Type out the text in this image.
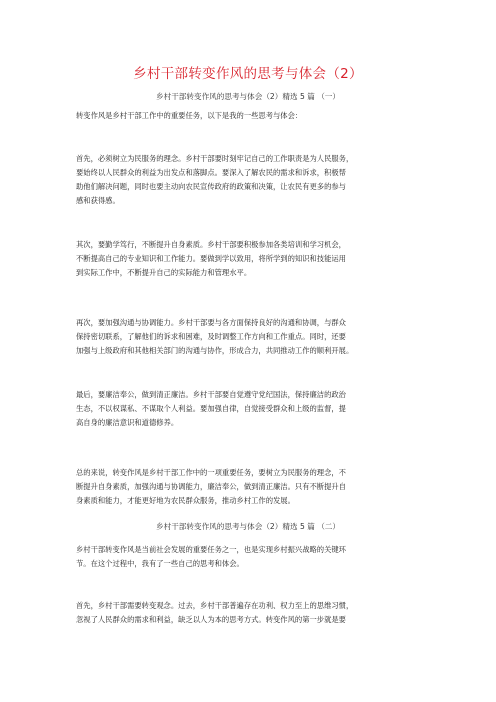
乡村干部转变作风的思考与体会（2）
乡村干部转变作风的思考与体会（2）精选 5 篇 （一）
转变作风是乡村干部工作中的重要任务，以下是我的一些思考与体会：
首先，必须树立为民服务的理念。乡村干部要时刻牢记自己的工作职责是为人民服务，
要始终以人民群众的利益为出发点和落脚点。要深入了解农民的需求和诉求，积极帮
助他们解决问题，同时也要主动向农民宣传政府的政策和决策，让农民有更多的参与
感和获得感。
其次，要勤学笃行，不断提升自身素质。乡村干部要积极参加各类培训和学习机会，
不断提高自己的专业知识和工作能力。要做到学以致用，将所学到的知识和技能运用
到实际工作中，不断提升自己的实际能力和管理水平。
再次，要加强沟通与协调能力。乡村干部要与各方面保持良好的沟通和协调，与群众
保持密切联系，了解他们的诉求和困难，及时调整工作方向和工作重点。同时，还要
加强与上级政府和其他相关部门的沟通与协作，形成合力，共同推动工作的顺利开展。
最后，要廉洁奉公，做到清正廉洁。乡村干部要自觉遵守党纪国法，保持廉洁的政治
生态，不以权谋私、不谋取个人利益。要加强自律，自觉接受群众和上级的监督，提
高自身的廉洁意识和道德修养。
总的来说，转变作风是乡村干部工作中的一项重要任务，要树立为民服务的理念，不
断提升自身素质，加强沟通与协调能力，廉洁奉公，做到清正廉洁。只有不断提升自
身素质和能力，才能更好地为农民群众服务，推动乡村工作的发展。
乡村干部转变作风的思考与体会（2）精选 5 篇 （二）
乡村干部转变作风是当前社会发展的重要任务之一，也是实现乡村振兴战略的关键环
节。在这个过程中，我有了一些自己的思考和体会。
首先，乡村干部需要转变观念。过去，乡村干部普遍存在功利、权力至上的思维习惯，
忽视了人民群众的需求和利益，缺乏以人为本的思考方式。转变作风的第一步就是要
